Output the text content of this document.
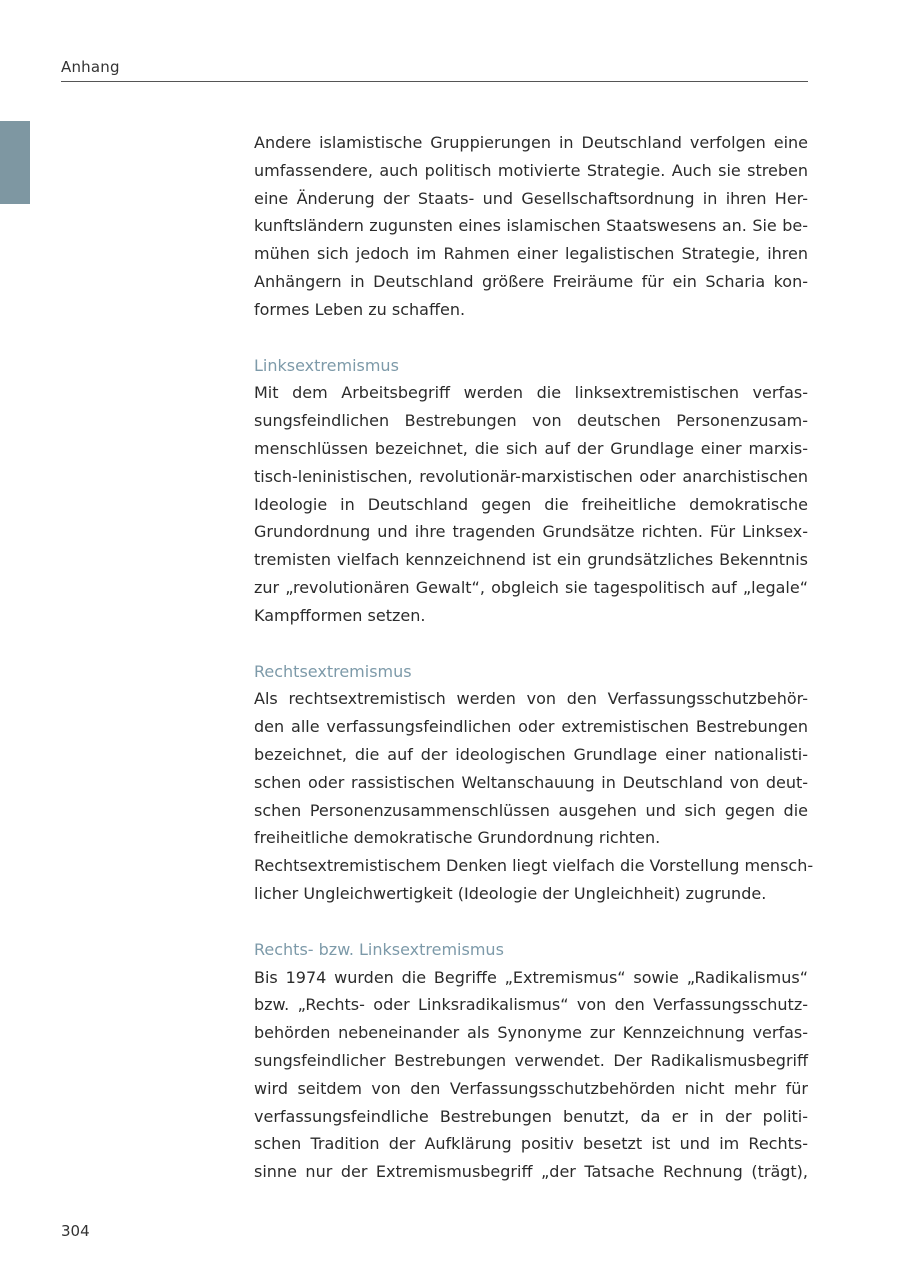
Anhang

Andere islamistische Gruppierungen in Deutschland verfolgen eine
umfassendere, auch politisch motivierte Strategie. Auch sie streben
eine Änderung der Staats- und Gesellschaftsordnung in ihren Her-
kunftsländern zugunsten eines islamischen Staatswesens an. Sie be-
mühen sich jedoch im Rahmen einer legalistischen Strategie, ihren
Anhängern in Deutschland größere Freiräume für ein Scharia kon-
formes Leben zu schaffen.

Linksextremismus

Mit dem Arbeitsbegriff werden die linksextremistischen verfas-
sungsfeindlichen Bestrebungen von deutschen Personenzusam-
menschlüssen bezeichnet, die sich auf der Grundlage einer marxis-
tisch-leninistischen, revolutionär-marxistischen oder anarchistischen
Ideologie in Deutschland gegen die freiheitliche demokratische
Grundordnung und ihre tragenden Grundsätze richten. Für Linksex-
tremisten vielfach kennzeichnend ist ein grundsätzliches Bekenntnis
zur „revolutionären Gewalt“, obgleich sie tagespolitisch auf „legale“
Kampfformen setzen.

Rechtsextremismus

Als rechtsextremistisch werden von den Verfassungsschutzbehör-
den alle verfassungsfeindlichen oder extremistischen Bestrebungen
bezeichnet, die auf der ideologischen Grundlage einer nationalisti-
schen oder rassistischen Weltanschauung in Deutschland von deut-
schen Personenzusammenschlüssen ausgehen und sich gegen die
freiheitliche demokratische Grundordnung richten.

Rechtsextremistischem Denken liegt vielfach die Vorstellung mensch-
licher Ungleichwertigkeit (Ideologie der Ungleichheit) zugrunde.

Rechts- bzw. Linksextremismus

Bis 1974 wurden die Begriffe „Extremismus“ sowie „Radikalismus“
bzw. „Rechts- oder Linksradikalismus“ von den Verfassungsschutz-
behörden nebeneinander als Synonyme zur Kennzeichnung verfas-
sungsfeindlicher Bestrebungen verwendet. Der Radikalismusbegriff
wird seitdem von den Verfassungsschutzbehörden nicht mehr für
verfassungsfeindliche Bestrebungen benutzt, da er in der politi-
schen Tradition der Aufklärung positiv besetzt ist und im Rechts-
sinne nur der Extremismusbegriff „der Tatsache Rechnung (trägt),

304
